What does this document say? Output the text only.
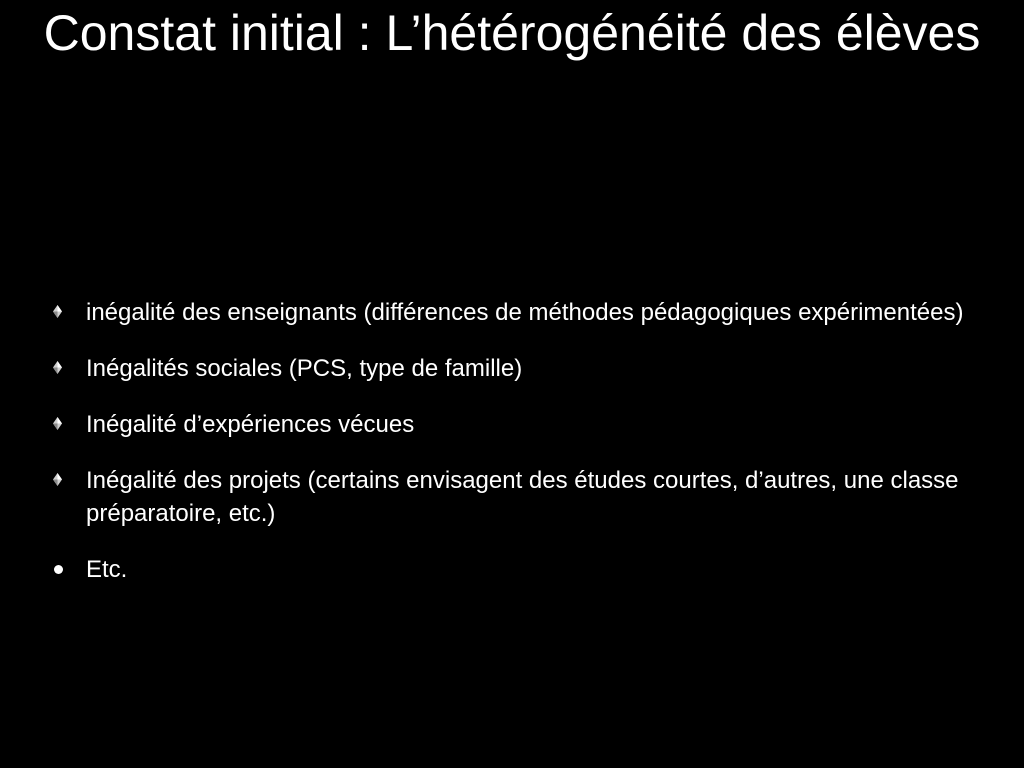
Constat initial : L’hétérogénéité des élèves
inégalité des enseignants (différences de méthodes pédagogiques expérimentées)
Inégalités sociales (PCS, type de famille)
Inégalité d’expériences vécues
Inégalité des projets (certains envisagent des études courtes, d’autres, une classe préparatoire, etc.)
Etc.
